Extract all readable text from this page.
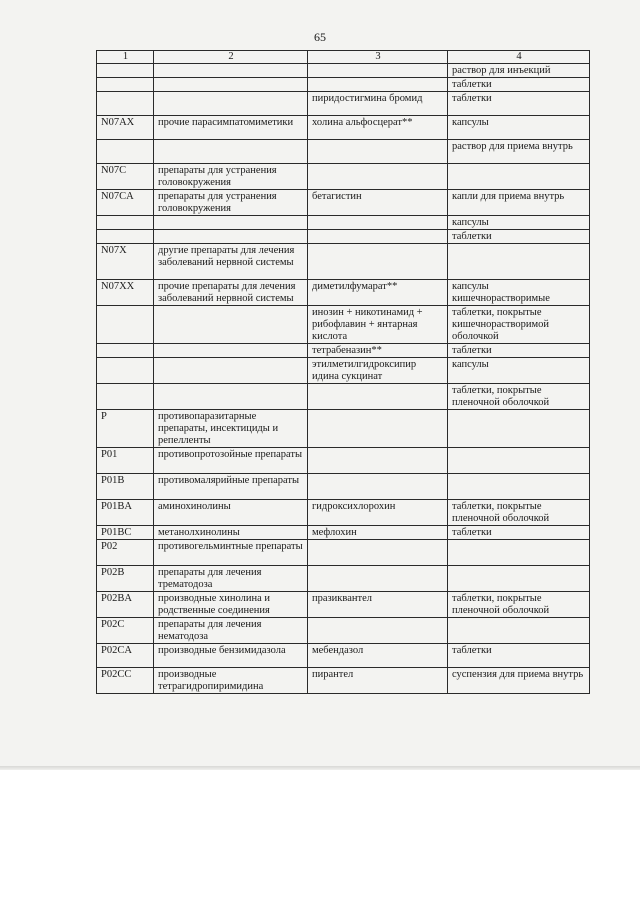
65
1	2	3	4
			раствор для инъекций
			таблетки
		пиридостигмина бромид	таблетки
N07AX	прочие парасимпатомиметики	холина альфосцерат**	капсулы
			раствор для приема внутрь
N07C	препараты для устранения головокружения		
N07CA	препараты для устранения головокружения	бетагистин	капли для приема внутрь
			капсулы
			таблетки
N07X	другие препараты для лечения заболеваний нервной системы		
N07XX	прочие препараты для лечения заболеваний нервной системы	диметилфумарат**	капсулы кишечнорастворимые
		инозин + никотинамид + рибофлавин + янтарная кислота	таблетки, покрытые кишечнорастворимой оболочкой
		тетрабеназин**	таблетки
		этилметилгидроксипир идина сукцинат	капсулы
			таблетки, покрытые пленочной оболочкой
P	противопаразитарные препараты, инсектициды и репелленты		
P01	противопротозойные препараты		
P01B	противомалярийные препараты		
P01BA	аминохинолины	гидроксихлорохин	таблетки, покрытые пленочной оболочкой
P01BC	метанолхинолины	мефлохин	таблетки
P02	противогельминтные препараты		
P02B	препараты для лечения трематодоза		
P02BA	производные хинолина и родственные соединения	празиквантел	таблетки, покрытые пленочной оболочкой
P02C	препараты для лечения нематодоза		
P02CA	производные бензимидазола	мебендазол	таблетки
P02CC	производные тетрагидропиримидина	пирантел	суспензия для приема внутрь
